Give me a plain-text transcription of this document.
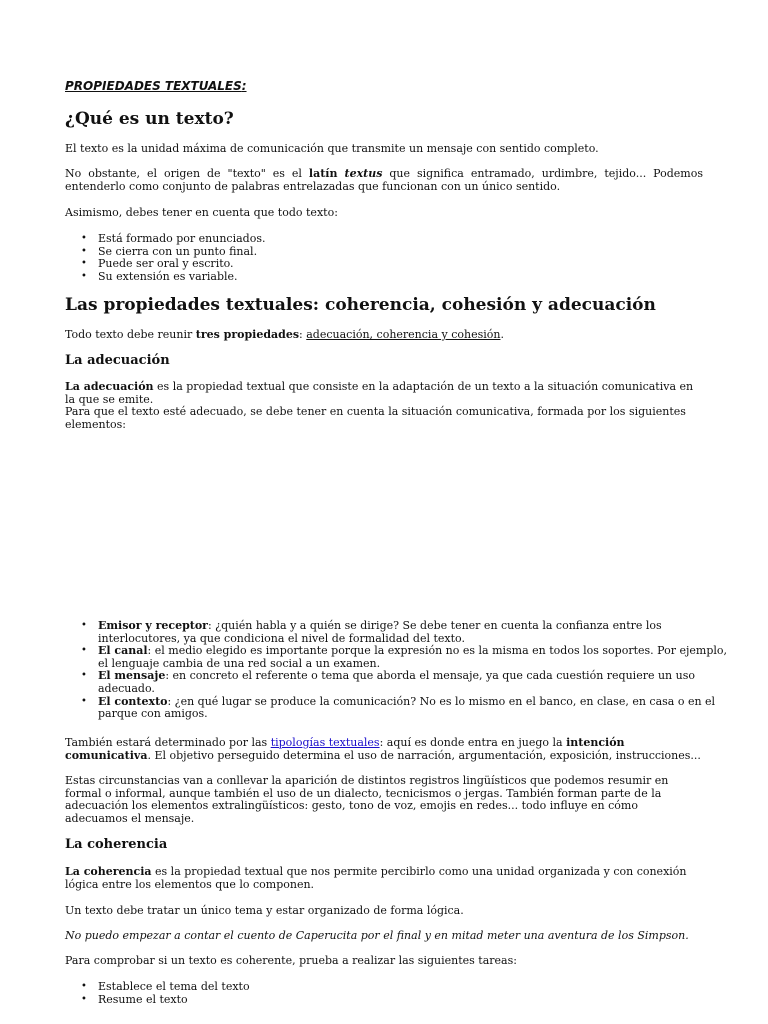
PROPIEDADES TEXTUALES:
¿Qué es un texto?

El texto es la unidad máxima de comunicación que transmite un mensaje con sentido completo.

No obstante, el origen de "texto" es el latín textus que significa entramado, urdimbre, tejido... Podemos entenderlo como conjunto de palabras entrelazadas que funcionan con un único sentido.

Asimismo, debes tener en cuenta que todo texto:

• Está formado por enunciados.
• Se cierra con un punto final.
• Puede ser oral y escrito.
• Su extensión es variable.
Las propiedades textuales: coherencia, cohesión y adecuación

Todo texto debe reunir tres propiedades: adecuación, coherencia y cohesión.

La adecuación

La adecuación es la propiedad textual que consiste en la adaptación de un texto a la situación comunicativa en la que se emite.
Para que el texto esté adecuado, se debe tener en cuenta la situación comunicativa, formada por los siguientes elementos:

• Emisor y receptor: ¿quién habla y a quién se dirige? Se debe tener en cuenta la confianza entre los interlocutores, ya que condiciona el nivel de formalidad del texto.
• El canal: el medio elegido es importante porque la expresión no es la misma en todos los soportes. Por ejemplo, el lenguaje cambia de una red social a un examen.
• El mensaje: en concreto el referente o tema que aborda el mensaje, ya que cada cuestión requiere un uso adecuado.
• El contexto: ¿en qué lugar se produce la comunicación? No es lo mismo en el banco, en clase, en casa o en el parque con amigos.

También estará determinado por las tipologías textuales: aquí es donde entra en juego la intención comunicativa. El objetivo perseguido determina el uso de narración, argumentación, exposición, instrucciones...

Estas circunstancias van a conllevar la aparición de distintos registros lingüísticos que podemos resumir en formal o informal, aunque también el uso de un dialecto, tecnicismos o jergas. También forman parte de la adecuación los elementos extralingüísticos: gesto, tono de voz, emojis en redes... todo influye en cómo adecuamos el mensaje.

La coherencia

La coherencia es la propiedad textual que nos permite percibirlo como una unidad organizada y con conexión lógica entre los elementos que lo componen.

Un texto debe tratar un único tema y estar organizado de forma lógica.

No puedo empezar a contar el cuento de Caperucita por el final y en mitad meter una aventura de los Simpson.

Para comprobar si un texto es coherente, prueba a realizar las siguientes tareas:

• Establece el tema del texto
• Resume el texto
